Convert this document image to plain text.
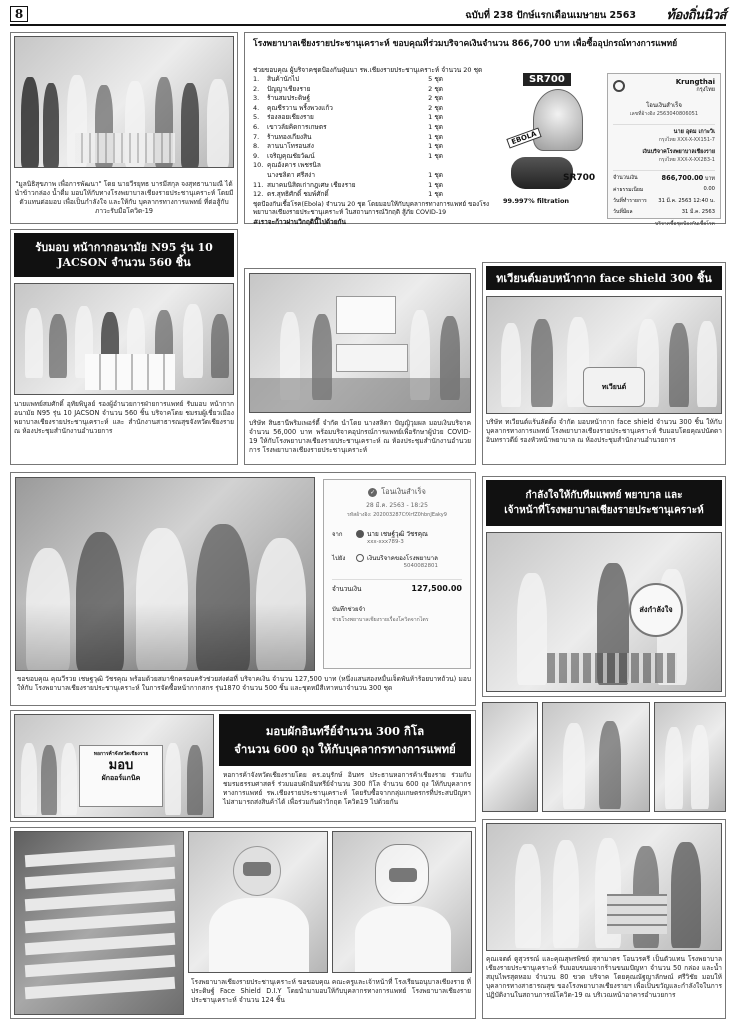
8	ฉบับที่ 238 ปักษ์แรกเดือนเมษายน 2563 ท้องถิ่นนิวส์

"มูลนิธิสุขภาพ เพื่อการพัฒนา" โดย นายวีรยุทธ บารมีสกุล จงสุทธานามณี ได้นำข้าวกล่อง น้ำดื่ม มอบให้กับทางโรงพยาบาลเชียงรายประชานุเคราะห์ โดยมีตัวแทนต่อมอบ เพื่อเป็นกำลังใจ และให้กับ บุคลากรทางการแพทย์ ที่ต่อสู้กับภาวะรับมือโควิด-19

โรงพยาบาลเชียงรายประชานุเคราะห์ ขอบคุณที่ร่วมบริจาคเงินจำนวน 866,700 บาท เพื่อซื้ออุปกรณ์ทางการแพทย์

ช่วยขอบคุณ ผู้บริจาคชุดป้องกันฝุ่นนา รพ.เชียงรายประชานุเคราะห์ จำนวน 20 ชุด

1. สินค้านักไป	5 ชุด
2. ปัญญาเชียงราย	2 ชุด
3. ร้านสมประดิษฐ์	2 ชุด
4. คุณชีรวาน พริ้งพวงแก้ว	2 ชุด
5. ร่องลอยเชียงราย	1 ชุด
6. เขาวลัยคิดการเกษตร	1 ชุด
7. ร้านทองเกียงสิน	1 ชุด
8. ลานนาโทรอนส่ง	1 ชุด
9. เจริญคุณชัยวัฒน์	1 ชุด
10. คุณอังคาร เพชรนิล
นางชลิดา ศรีสง่า	1 ชุด
11. สมาคมนิสิตเก่ากฎเศษ เชียงราย	1 ชุด
12. ดร.สุทธิศักดิ์ ชมพ์ศักดิ์	1 ชุด

ชุดป้องกันเชื้อโรค(Ebola) จำนวน 20 ชุด โดยมอบให้กับบุคลากรทางการแพทย์ ของโรงพยาบาลเชียงรายประชานุเคราะห์ ในสถานการณ์วิกฤติ สู้ภัย COVID-19

#เราจะก้าวผ่านวิกฤตินี้ไปด้วยกัน

SR700
EBOLA
SR700
99.997% filtration
Krungthai
กรุงไทย
โอนเงินสำเร็จ
เลขที่อ้างอิง 2563040806051
นาย อุดม เกาะวิเ
กรุงไทย XXX-X-XX151-7
เงินบริจาคโรงพยาบาลเชียงราย
กรุงไทย XXX-X-XX283-1
จำนวนเงิน	866,700.00 บาท
ค่าธรรมเนียม	0.00
วันที่ทำรายการ 31 มี.ค. 2563 12:40 น.
วันที่มีผล	31 มี.ค. 2563
บริจาคซื้อชุดป้องกันเชื้อโรค
รับมอบ หน้ากากอนามัย N95 รุ่น 10
JACSON จำนวน 560 ชิ้น

นายแพทย์สมศักดิ์ อุทัยพิบูลย์ รองผู้อำนวยการฝ่ายการแพทย์ รับมอบ หน้ากากอนามัย N95 รุ่น 10 JACSON จำนวน 560 ชิ้น บริจาคโดย ชมรมผู้เชี่ยวเมืองพยาบาลเชียงรายประชานุเคราะห์ และ สำนักงานสาธารณสุขจังหวัดเชียงราย ณ ห้องประชุมสำนักงานอำนวยการ

บริษัท สินธานีพริมเพอร์ตี้ จำกัด นำโดย นางสลิตา ปัญญิวุมผล มอบเงินบริจาค จำนวน 56,000 บาท พร้อมบริจาคอุปกรณ์การแพทย์เพื่อรักษาผู้ป่วย COVID-19 ให้กับโรงพยาบาลเชียงรายประชานุเคราะห์ ณ ห้องประชุมสำนักงานอำนวยการ โรงพยาบาลเชียงรายประชานุเคราะห์

ทเวียนต์มอบหน้ากาก face shield 300 ชิ้น
ทเวียนต์

บริษัท ทเวียนต์แร้นลัดดิ้ง จำกัด มอบหน้ากาก face shield จำนวน 300 ชิ้น ให้กับบุคลากรทางการแพทย์ โรงพยาบาลเชียงรายประชานุเคราะห์ รับมอบโดยคุณปนัดดา อินทราวดีย์ รองหัวหน้าพยาบาล ณ ห้องประชุมสำนักงานอำนวยการ

✓ โอนเงินสำเร็จ
28 มี.ค. 2563 - 18:25
รหัสอ้างอิง: 202003287CfXrfZ0hbnJEaky9
จาก	นาย เชษฐ์วุฒิ วัชรคุณ
xxx-xxx789-3
ไปยัง	เงินบริจาคของโรงพยาบาล
5040082801
จำนวนเงิน	127,500.00
บันทึกช่วยจำ
ช่วยโรงพยาบาลเชียงรายเรื่องโควิดจากไตร

ขอขอบคุณ คุณวีรวย เชษฐวุฒิ วัชรคุณ พร้อมด้วยสมาชิกครอบครัวช่วยส่งต่อที่ บริจาคเงิน จำนวน 127,500 บาท (หนึ่งแสนสองหมื่นเจ็ดพันห้าร้อยบาทถ้วน) มอบให้กับ โรงพยาบาลเชียงรายประชานุเคราะห์ ในการจัดซื้อหน้ากากสกร รุ่น1870 จำนวน 500 ชิ้น และชุดหมีสีเทาหนาจำนวน 300 ชุด

กำลังใจให้กับทีมแพทย์ พยาบาล และ
เจ้าหน้าที่โรงพยาบาลเชียงรายประชานุเคราะห์
ส่งกำลังใจ
หอการค้าจังหวัดเชียงราย
มอบ
ผักออร์แกนิค
มอบผักอินทรีย์จำนวน 300 กิโล
จำนวน 600 ถุง ให้กับบุคลากรทางการแพทย์

หอการค้าจังหวัดเชียงรายโดย ดร.อนุรักษ์ อินทร ประธานหอการค้าเชียงราย ร่วมกับชมรมธรรมศาสตร์ ร่วมมอบผักอินทรีย์จำนวน 300 กิโล จำนวน 600 ถุง ให้กับบุคลากรทางการแพทย์ รพ.เชียงรายประชานุเคราะห์ โดยรับซื้อจากกลุ่มเกษตรกรที่ประสบปัญหาไม่สามารถส่งสินค้าได้ เพื่อร่วมกันฝ่าวิกฤต โควิด19 ไปด้วยกัน

โรงพยาบาลเชียงรายประชานุเคราะห์ ขอขอบคุณ คณะครูและเจ้าหน้าที่ โรงเรียนอนุบาลเชียงราย ที่ประดิษฐ์ Face Shield D.I.Y โดยนำมามอบให้กับบุคลากรทางการแพทย์ โรงพยาบาลเชียงรายประชานุเคราะห์ จำนวน 124 ชิ้น

คุณเจตต์ ดูสุวรรณ์ และคุณสุพรพิชย์ สุทามาตร โอนวรครี เป็นตัวแทน โรงพยาบาลเชียงรายประชานุเคราะห์ รับมอบขนมจากร้านขนมปัญหา จำนวน 50 กล่อง และน้ำสมุนไพรสุดหอม จำนวน 80 ขวด บริจาค โดยคุณณัฐญาลักษณ์ ศรีวิชัย มอบให้บุคลากรทางสาธารณสุข ของโรงพยาบาลเชียงรายฯ เพื่อเป็นขวัญและกำลังใจในการปฏิบัติงานในสถานการณ์โควิด-19 ณ บริเวณหน้าอาคารอำนวยการ
